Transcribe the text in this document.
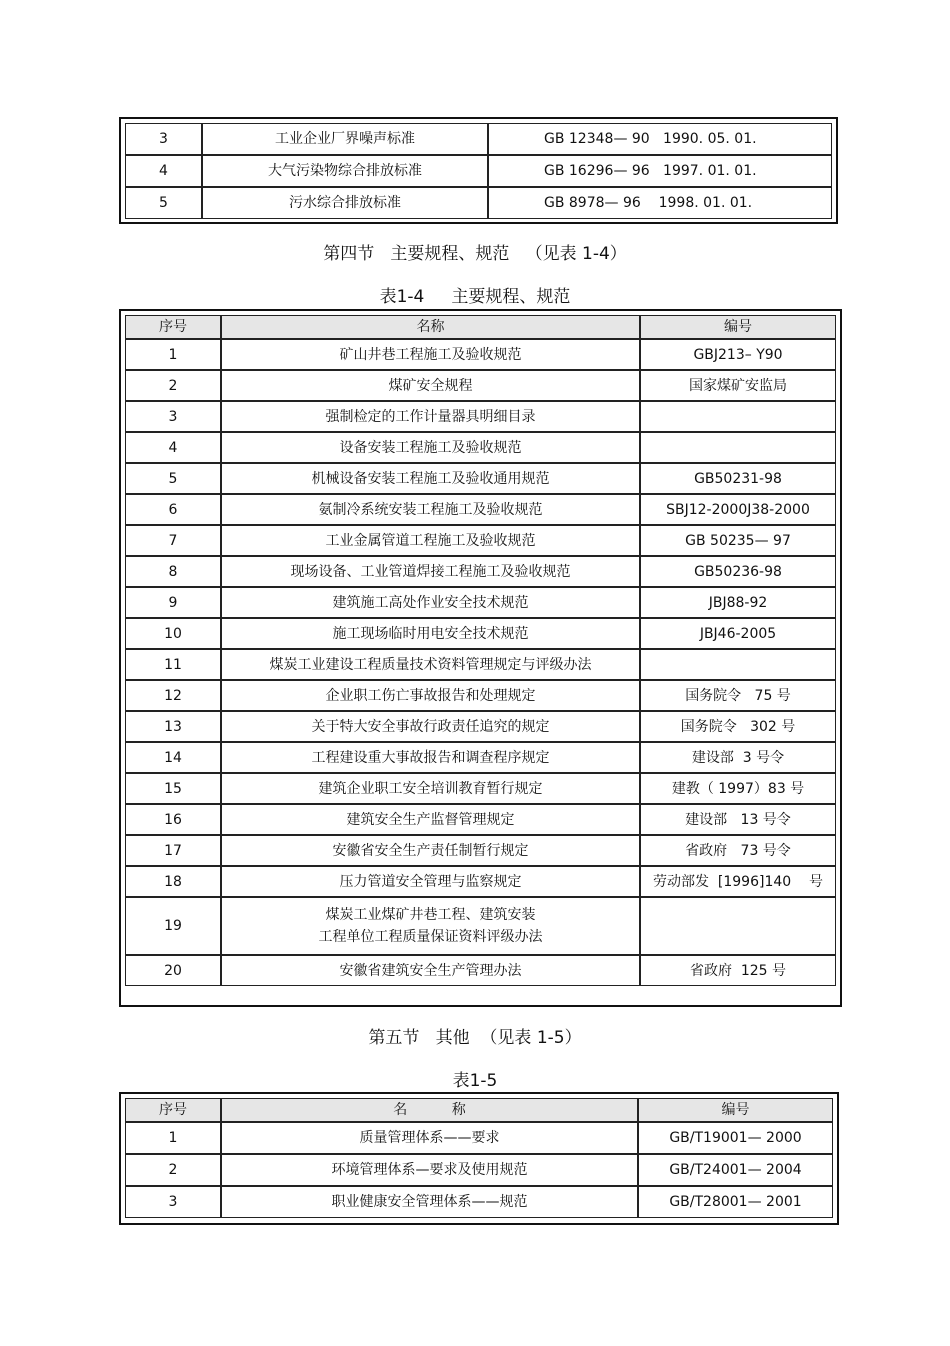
3	工业企业厂界噪声标准	GB 12348— 90   1990. 05. 01.
4	大气污染物综合排放标准	GB 16296— 96   1997. 01. 01.
5	污水综合排放标准	GB 8978— 96    1998. 01. 01.
第四节   主要规程、规范   （见表 1-4）
表1-4     主要规程、规范
序号	名称	编号
1	矿山井巷工程施工及验收规范	GBJ213– Y90
2	煤矿安全规程	国家煤矿安监局
3	强制检定的工作计量器具明细目录	
4	设备安装工程施工及验收规范	
5	机械设备安装工程施工及验收通用规范	GB50231-98
6	氨制冷系统安装工程施工及验收规范	SBJ12-2000J38-2000
7	工业金属管道工程施工及验收规范	GB 50235— 97
8	现场设备、工业管道焊接工程施工及验收规范	GB50236-98
9	建筑施工高处作业安全技术规范	JBJ88-92
10	施工现场临时用电安全技术规范	JBJ46-2005
11	煤炭工业建设工程质量技术资料管理规定与评级办法	
12	企业职工伤亡事故报告和处理规定	国务院令   75 号
13	关于特大安全事故行政责任追究的规定	国务院令   302 号
14	工程建设重大事故报告和调查程序规定	建设部  3 号令
15	建筑企业职工安全培训教育暂行规定	建教（ 1997）83 号
16	建筑安全生产监督管理规定	建设部   13 号令
17	安徽省安全生产责任制暂行规定	省政府   73 号令
18	压力管道安全管理与监察规定	劳动部发  [1996]140    号
19	煤炭工业煤矿井巷工程、建筑安装
工程单位工程质量保证资料评级办法	

20	安徽省建筑安全生产管理办法	省政府  125 号
第五节   其他  （见表 1-5）
表1-5
序号	名          称	编号
1	质量管理体系——要求	GB/T19001— 2000
2	环境管理体系—要求及使用规范	GB/T24001— 2004
3	职业健康安全管理体系——规范	GB/T28001— 2001
